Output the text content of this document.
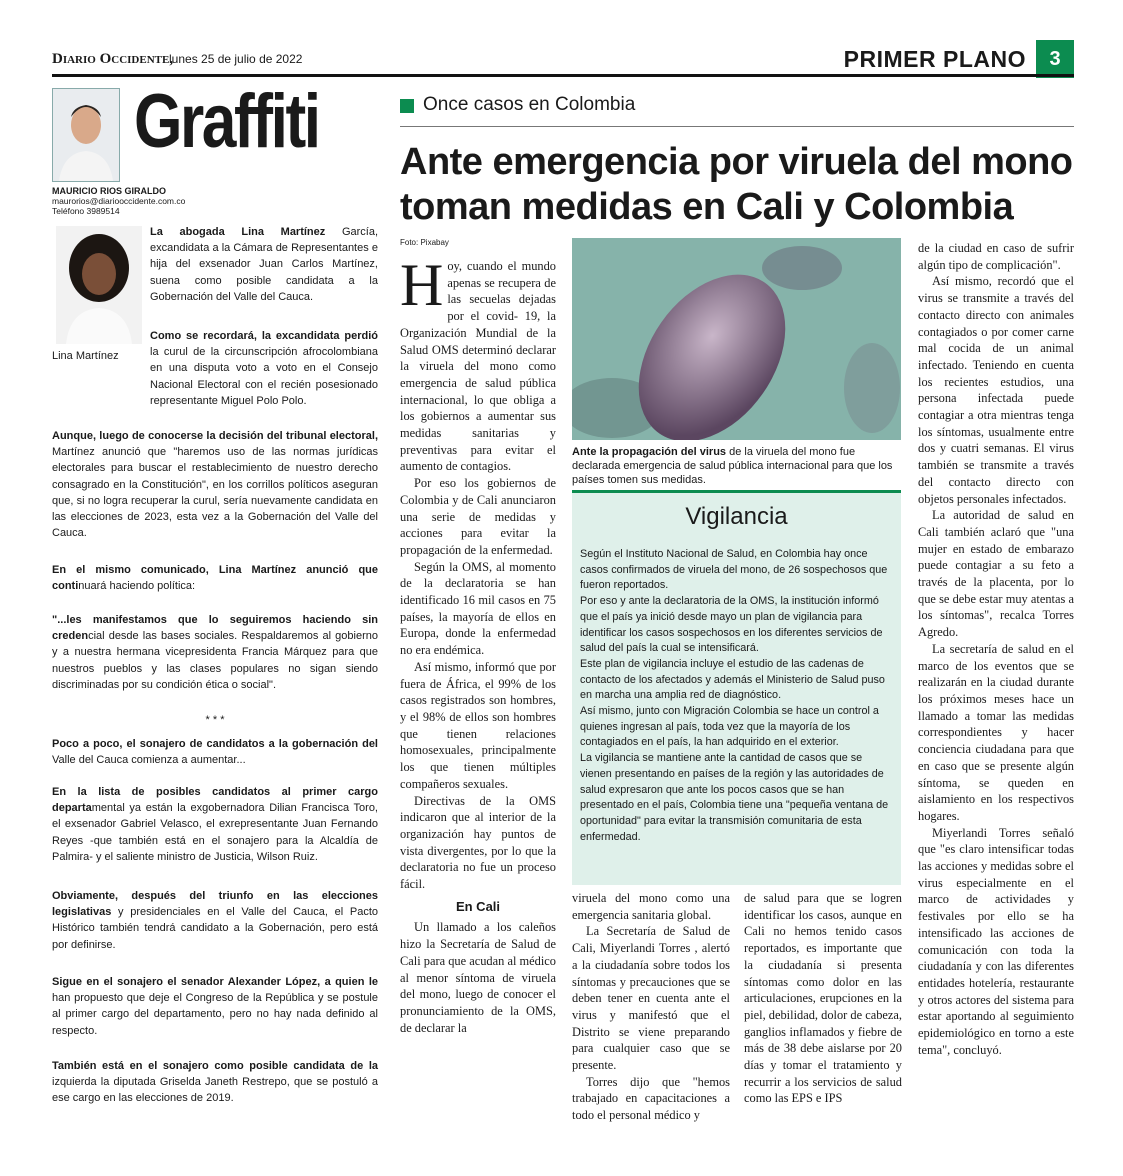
Diario Occidente,
lunes 25 de julio de 2022	PRIMER PLANO	3
Graffiti
MAURICIO RIOS GIRALDO
maurorios@diariooccidente.com.co
Teléfono 3989514
Lina Martínez

La abogada Lina Martínez García, excandidata a la Cámara de Representantes e hija del exsenador Juan Carlos Martínez, suena como posible candidata a la Gobernación del Valle del Cauca.

Como se recordará, la excandidata perdió la curul de la circunscripción afrocolombiana en una disputa voto a voto en el Consejo Nacional Electoral con el recién posesionado representante Miguel Polo Polo.

Aunque, luego de conocerse la decisión del tribunal electoral, Martínez anunció que "haremos uso de las normas jurídicas electorales para buscar el restablecimiento de nuestro derecho consagrado en la Constitución", en los corrillos políticos aseguran que, si no logra recuperar la curul, sería nuevamente candidata en las elecciones de 2023, esta vez a la Gobernación del Valle del Cauca.

En el mismo comunicado, Lina Martínez anunció que continuará haciendo política:

"...les manifestamos que lo seguiremos haciendo sin credencial desde las bases sociales. Respaldaremos al gobierno y a nuestra hermana vicepresidenta Francia Márquez para que nuestros pueblos y las clases populares no sigan siendo discriminadas por su condición ética o social".

* * *

Poco a poco, el sonajero de candidatos a la gobernación del Valle del Cauca comienza a aumentar...

En la lista de posibles candidatos al primer cargo departamental ya están la exgobernadora Dilian Francisca Toro, el exsenador Gabriel Velasco, el exrepresentante Juan Fernando Reyes -que también está en el sonajero para la Alcaldía de Palmira- y el saliente ministro de Justicia, Wilson Ruiz.

Obviamente, después del triunfo en las elecciones legislativas y presidenciales en el Valle del Cauca, el Pacto Histórico también tendrá candidato a la Gobernación, pero está por definirse.

Sigue en el sonajero el senador Alexander López, a quien le han propuesto que deje el Congreso de la República y se postule al primer cargo del departamento, pero no hay nada definido al respecto.

También está en el sonajero como posible candidata de la izquierda la diputada Griselda Janeth Restrepo, que se postuló a ese cargo en las elecciones de 2019.

Once casos en Colombia
Ante emergencia por viruela del mono toman medidas en Cali y Colombia
Foto: Pixabay

Hoy, cuando el mundo apenas se recupera de las secuelas dejadas por el covid- 19, la Organización Mundial de la Salud OMS determinó declarar la viruela del mono como emergencia de salud pública internacional, lo que obliga a los gobiernos a aumentar sus medidas sanitarias y preventivas para evitar el aumento de contagios.

Por eso los gobiernos de Colombia y de Cali anunciaron una serie de medidas y acciones para evitar la propagación de la enfermedad.

Según la OMS, al momento de la declaratoria se han identificado 16 mil casos en 75 países, la mayoría de ellos en Europa, donde la enfermedad no era endémica.

Así mismo, informó que por fuera de África, el 99% de los casos registrados son hombres, y el 98% de ellos son hombres que tienen relaciones homosexuales, principalmente los que tienen múltiples compañeros sexuales.

Directivas de la OMS indicaron que al interior de la organización hay puntos de vista divergentes, por lo que la declaratoria no fue un proceso fácil.

En Cali

Un llamado a los caleños hizo la Secretaría de Salud de Cali para que acudan al médico al menor síntoma de viruela del mono, luego de conocer el pronunciamiento de la OMS, de declarar la

Ante la propagación del virus de la viruela del mono fue declarada emergencia de salud pública internacional para que los países tomen sus medidas.
Vigilancia

Según el Instituto Nacional de Salud, en Colombia hay once casos confirmados de viruela del mono, de 26 sospechosos que fueron reportados.

Por eso y ante la declaratoria de la OMS, la institución informó que el país ya inició desde mayo un plan de vigilancia para identificar los casos sospechosos en los diferentes servicios de salud del país la cual se intensificará.

Este plan de vigilancia incluye el estudio de las cadenas de contacto de los afectados y además el Ministerio de Salud puso en marcha una amplia red de diagnóstico.

Así mismo, junto con Migración Colombia se hace un control a quienes ingresan al país, toda vez que la mayoría de los contagiados en el país, la han adquirido en el exterior.

La vigilancia se mantiene ante la cantidad de casos que se vienen presentando en países de la región y las autoridades de salud expresaron que ante los pocos casos que se han presentado en el país, Colombia tiene una "pequeña ventana de oportunidad" para evitar la transmisión comunitaria de esta enfermedad.

viruela del mono como una emergencia sanitaria global.

La Secretaría de Salud de Cali, Miyerlandi Torres , alertó a la ciudadanía sobre todos los síntomas y precauciones que se deben tener en cuenta ante el virus y manifestó que el Distrito se viene preparando para cualquier caso que se presente.

Torres dijo que "hemos trabajado en capacitaciones a todo el personal médico y

de salud para que se logren identificar los casos, aunque en Cali no hemos tenido casos reportados, es importante que la ciudadanía si presenta síntomas como dolor en las articulaciones, erupciones en la piel, debilidad, dolor de cabeza, ganglios inflamados y fiebre de más de 38 debe aislarse por 20 días y tomar el tratamiento y recurrir a los servicios de salud como las EPS e IPS

de la ciudad en caso de sufrir algún tipo de complicación".

Así mismo, recordó que el virus se transmite a través del contacto directo con animales contagiados o por comer carne mal cocida de un animal infectado. Teniendo en cuenta los recientes estudios, una persona infectada puede contagiar a otra mientras tenga los síntomas, usualmente entre dos y cuatri semanas. El virus también se transmite a través del contacto directo con objetos personales infectados.

La autoridad de salud en Cali también aclaró que "una mujer en estado de embarazo puede contagiar a su feto a través de la placenta, por lo que se debe estar muy atentas a los síntomas", recalca Torres Agredo.

La secretaría de salud en el marco de los eventos que se realizarán en la ciudad durante los próximos meses hace un llamado a tomar las medidas correspondientes y hacer conciencia ciudadana para que en caso que se presente algún síntoma, se queden en aislamiento en los respectivos hogares.

Miyerlandi Torres señaló que "es claro intensificar todas las acciones y medidas sobre el virus especialmente en el marco de actividades y festivales por ello se ha intensificado las acciones de comunicación con toda la ciudadanía y con las diferentes entidades hotelería, restaurante y otros actores del sistema para estar aportando al seguimiento epidemiológico en torno a este tema", concluyó.
